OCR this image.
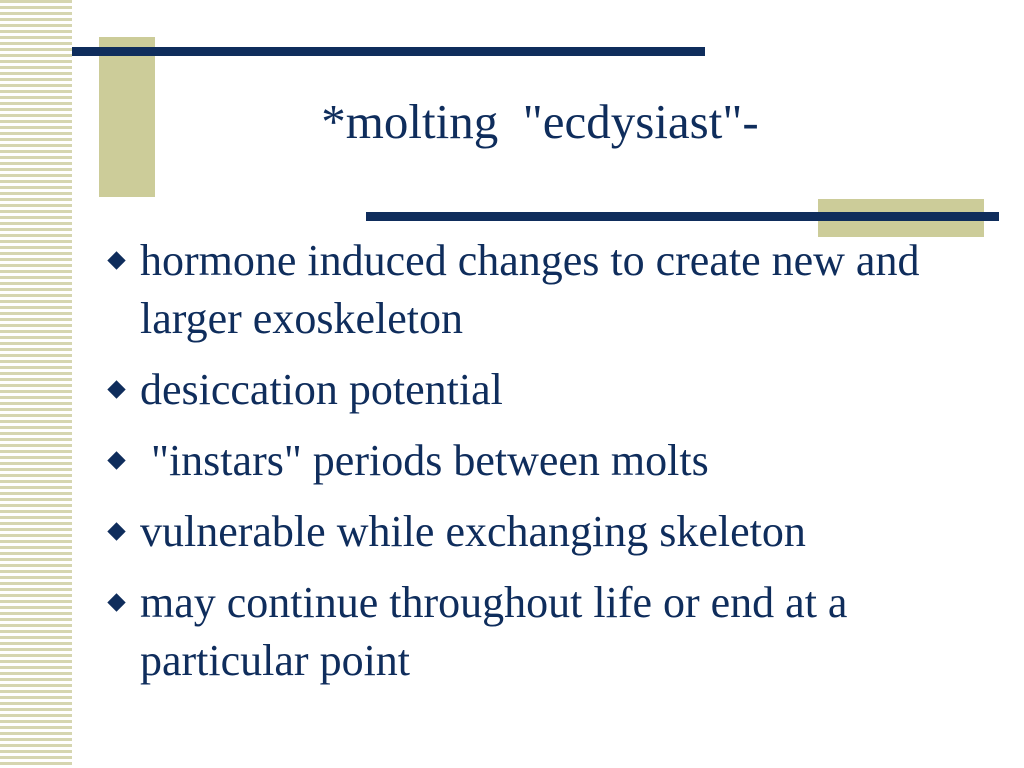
*molting  "ecdysiast"-
hormone induced changes to create new and larger exoskeleton
desiccation potential
"instars" periods between molts
vulnerable while exchanging skeleton
may continue throughout life or end at a particular point
